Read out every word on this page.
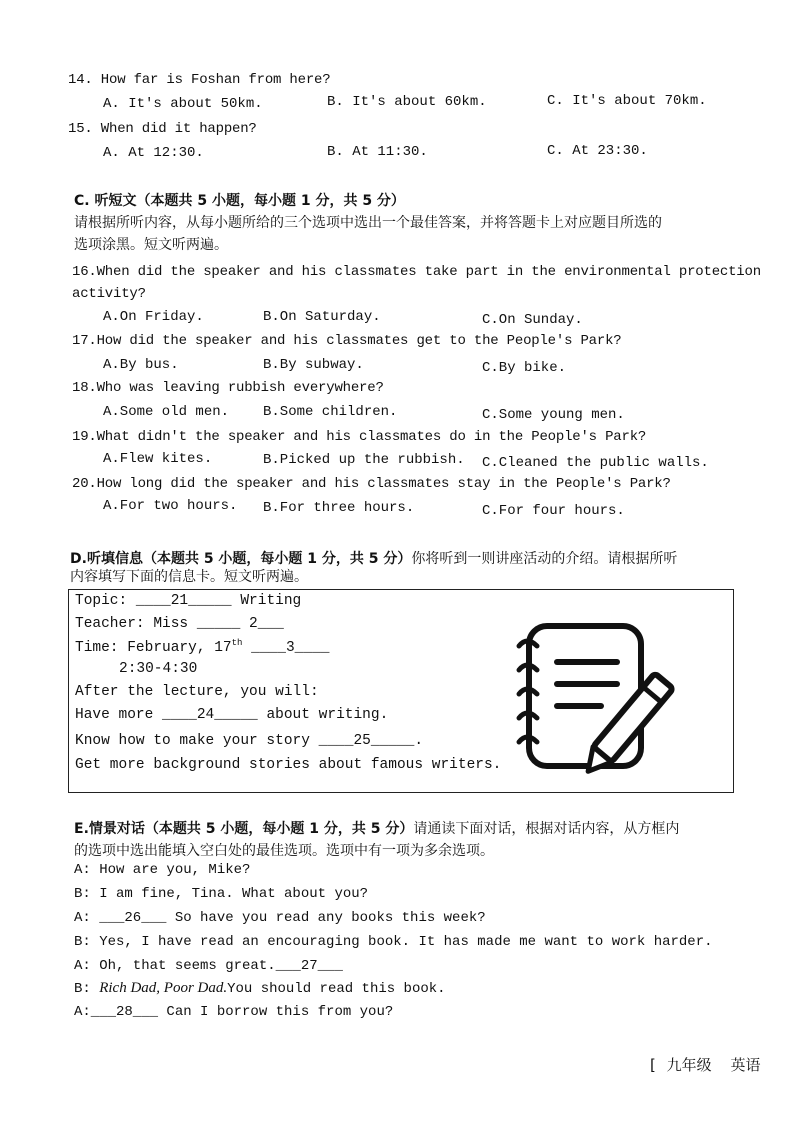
14. How far is Foshan from here?
A. It's about 50km.	B. It's about 60km.	C. It's about 70km.
15. When did it happen?
A. At 12:30.	B. At 11:30.	C. At 23:30.
C. 听短文（本题共 5 小题，每小题 1 分，共 5 分）
请根据所听内容，从每小题所给的三个选项中选出一个最佳答案，并将答题卡上对应题目所选的
选项涂黑。短文听两遍。
16.When did the speaker and his classmates take part in the environmental protection
activity?
A.On Friday.	B.On Saturday.	C.On Sunday.
17.How did the speaker and his classmates get to the People's Park?
A.By bus.	B.By subway.	C.By bike.
18.Who was leaving rubbish everywhere?
A.Some old men. B.Some children.	C.Some young men.
19.What didn't the speaker and his classmates do in the People's Park?
A.Flew kites.	B.Picked up the rubbish. C.Cleaned the public walls.
20.How long did the speaker and his classmates stay in the People's Park?
A.For two hours. B.For three hours.	C.For four hours.
D.听填信息（本题共 5 小题，每小题 1 分，共 5 分）你将听到一则讲座活动的介绍。请根据所听
内容填写下面的信息卡。短文听两遍。
Topic: ____21_____ Writing
Teacher: Miss _____ 2___
Time: February, 17th ____3____
2:30-4:30
After the lecture, you will:
Have more ____24_____ about writing.
Know how to make your story ____25_____.
Get more background stories about famous writers.
E.情景对话（本题共 5 小题，每小题 1 分，共 5 分）请通读下面对话，根据对话内容，从方框内
的选项中选出能填入空白处的最佳选项。选项中有一项为多余选项。
A: How are you, Mike?
B: I am fine, Tina. What about you?
A: ___26___ So have you read any books this week?
B: Yes, I have read an encouraging book. It has made me want to work harder.
A: Oh, that seems great.___27___
B: Rich Dad, Poor Dad.You should read this book.
A:___28___ Can I borrow this from you?
[ 九年级 英语
